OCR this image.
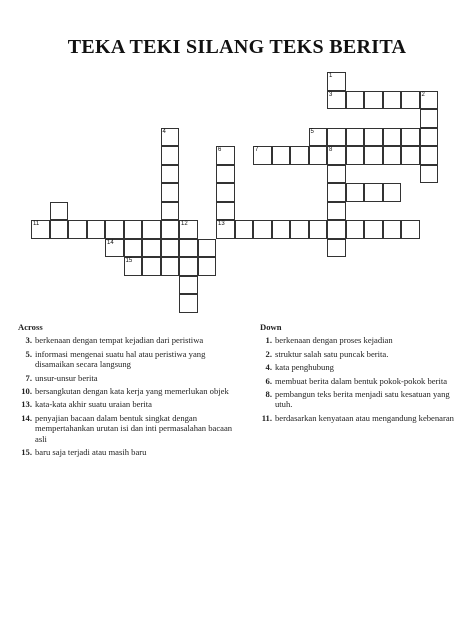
TEKA TEKI SILANG TEKS BERITA
1
3	2
4	5
6
13
7	8
11	12
14
15
Across
3. berkenaan dengan tempat kejadian dari peristiwa
5. informasi mengenai suatu hal atau peristiwa yang disamaikan secara langsung
7. unsur-unsur berita
10. bersangkutan dengan kata kerja yang memerlukan objek
13. kata-kata akhir suatu uraian berita
14. penyajian bacaan dalam bentuk singkat dengan mempertahankan urutan isi dan inti permasalahan bacaan asli
15. baru saja terjadi atau masih baru
Down
1. berkenaan dengan proses kejadian
2. struktur salah satu puncak berita.
4. kata penghubung
6. membuat berita dalam bentuk pokok-pokok berita
8. pembangun teks berita menjadi satu kesatuan yang utuh.
11. berdasarkan kenyataan atau mengandung kebenaran
